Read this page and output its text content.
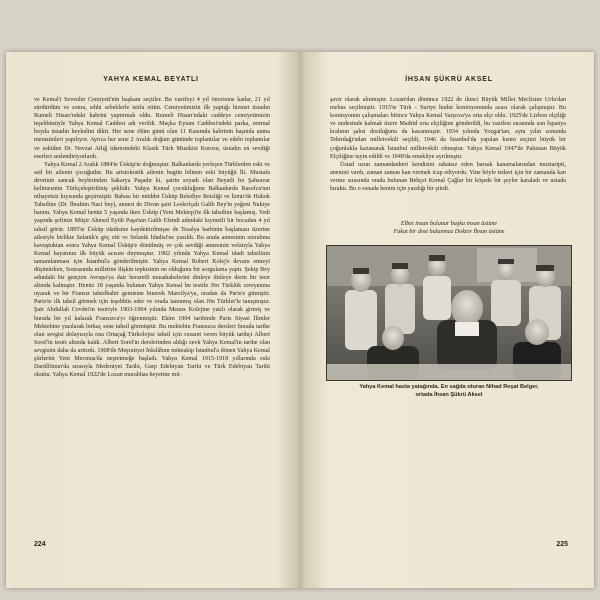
YAHYA KEMAL BEYATLI

ve Kemal'i Sevenler Cemiyeti'nin başkanı seçtiler. Bu vazifeyi 4 yıl önceisine kadar, 21 yıl sürdürdüm ve sonra, sıhhi sebeblerle istifa ettim. Cemiyetimizin ilk yaptığı hizmet üstadın Rumeli Hisarı'ndaki kabrini yaptırmak oldu. Rumeli Hisarı'ndaki caddeye cemiyetimizin teşebbüsüyle Yahya Kemal Caddesi adı verildi. Maçka Eytam Caddesi'ndeki parka, normal boyda üstadın heykelini dikti. Her sene ölüm günü olan 11 Kasımda kabrinin başında anma merasimleri yapılıyor. Ayrıca her sene 2 Aralık doğum gününde toplantılar ve edebi toplantılar ve eskiden Dr. Nevzat Atlığ idaresindeki Klasik Türk Musikisi Korosu, üstadın en sevdiği eserleri seslendiriyorlardı.

Yahya Kemal 2 Aralık 1884'te Üsküp'te doğmuştur. Balkanlarda yerleşen Türklerden eski ve asil bir ailenin çocuğudur. Bu aristokratik ailenin bugün bilinen eski büyüğü İli. Mustafa devrinin sancak beylerinden Sakarya Paşadır ki, şairin soyadı olan Beyatlı bu Şahsavar kelimesinin Türkçeleştirilmiş şeklidir. Yahya Kemal çocukluğunu Balkanlarda Rasofca'nın nihayetsiz kıyısında geçirmiştir. Babası bir müddet Üsküp Belediye Reisliği ve İzmir'de Hukuk Tahsiline (Dr. İbrahim Naci bey), annesi de Divan şairi Leskofçalı Galib Bey'in yeğeni Nakiye hanım. Yahya Kemal henüz 5 yaşında iken Üsküp (Yeni Mektep)'te ilk tahsiline başlamış. Yedi yaşında şefimiz Müşir Ahmed Eyüb Paşa'nın Galib Efendi adındaki kıymetli bir hocadan 4 yıl tahsil görür. 1895'te Üsküp idadisine kaydettirilmişse de Tesalya harbinin başlaması üzerine ailesiyle birlikte Selanik'e göç etti ve Selanik İdadisi'ne yazıldı. Bu arada annesinin ıstırabına kavuştuktan sonra Yahya Kemal Üsküp'e dönülmüş ve çok sevdiği annesinin vefatıyla Yahya Kemal hayatının ilk büyük acısını duymuştur. 1902 yılında Yahya Kemal idadi tahsilinin tamamlanması için İstanbul'a gönderilmiştir. Yahya Kemal Robert Kolej'e devam etmeyi düşünürken, Sonrasında milletine ilişkin tepkisinin ne olduğunu bir sorgulama yaptı. Şekip Bey adındaki bir gençten Avrupa'ya dair heraretli musahabelerini dinleye dinleye derin bir tesir altında kalmıştır. Henüz 18 yaşında bulunan Yahya Kemal bu tesirle Jön Türklük cereyanına uyarak ve bir Fransız tahtelbahir gemisine binerek Marsilya'ya, oradan da Paris'e gitmiştir. Paris'te ilk tahsil görmek için teşebbüs eder ve orada tanınmış olan Jön Türkler'le tanışmıştır. Şair Abdullah Cevdet'in tesiriyle 1903-1904 yılında Meaux Kolejine yatılı olarak girmiş ve burada bir yıl kalarak Fransızca'yı öğrenmiştir. Ekim 1904 tarihinde Paris Siyasi İlimler Mektebine yazılarak birkaç sene tahsil görmüştür. Bu mektebin Fransızca dersleri burada tarihe olan sevgisi dolayısıyla ona Ortaçağ Türkolojisi tahsil için cesaret veren büyük tarihçi Albert Sorel'in tesiri altında kaldı. Albert Sorel'in derslerinden aldığı zevk Yahya Kemal'in tarihe olan sevgisini daha da arttırdı. 1908'de Meşrutiyet İnkılâbını müteakip İstanbul'a dönen Yahya Kemal şiirlerini Yeni Mecmua'da neşretmeğe başladı. Yahya Kemal 1915-1918 yıllarında eski Darülfünun'da sırasıyla Medeniyet Tarihi, Garp Edebiyatı Tarihi ve Türk Edebiyatı Tarihi okuttu. Yahya Kemal 1922'de Lozan murahhas heyetine mü-

224
İHSAN ŞÜKRÜ AKSEL

şavir olarak alınmıştır. Lozan'dan dönünce 1922 de ikinci Büyük Millet Meclisine Urfa'dan mebus seçilmiştir. 1915'te Türk - Suriye hudut komisyonunda azası olarak çalışmıştır. Bu komisyonun çalışmaları bitince Yahya Kemal Varşova'ya orta elçi oldu. 1925'de Lizbon elçiliği ve undesinde kalmak üzere Madrid orta elçiliğine gönderildi, bu vazifesi sırasında son İspanya kralının şahsi dostluğunu da kazanmıştır. 1934 yılında Yozgat'tan, aynı yılın sonunda Tekirdağı'ndan milletvekili seçildi, 1946 da İstanbul'da yapılan kısmi seçimi büyük bir çoğunlukla kazanarak İstanbul milletvekili olmuştur. Yahya Kemal 1947'de Pakistan Büyük Elçiliğine tayin edildi ve 1949'da emekliye ayrılmıştır.

Üstad uzun zamandanberi kendisini rahatsız eden barsak kanamalarından muztaripti, anemisi vardı, zaman zaman kan vermek icap ediyordu. Yine böyle tedavi için bir zamanda kan verme sırasında orada bulunan Behçet Kemal Çağlar bir köşede bir şeyler karaladı ve ustada bıraktı. Bu o esnada benim için yazdığı bir şiirdi.

Elbet insan bulunur başka insan üstüne
Fakat bir dost bulunmaz Doktor İhsan üstüne
Yahya Kemal hasta yatağında. En sağda oturan Nihad Reşat Belger,
ortada İhsan Şükrü Aksel
225
